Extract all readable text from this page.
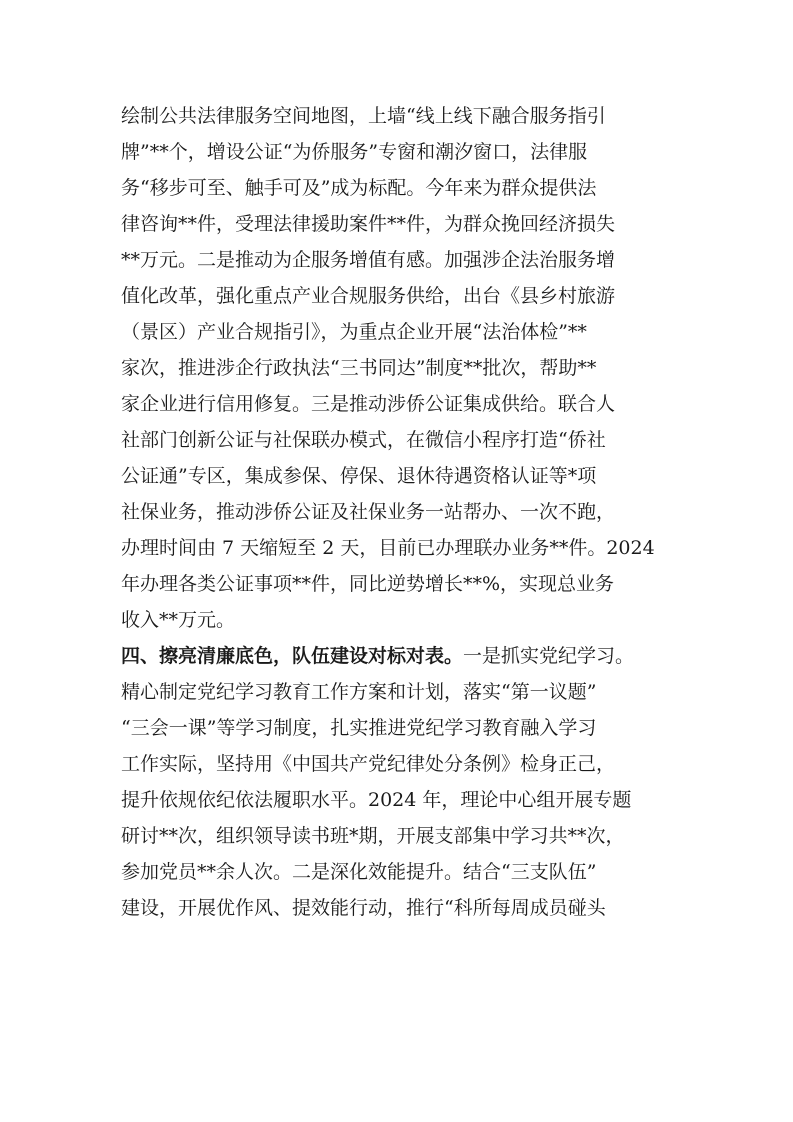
绘制公共法律服务空间地图，上墙“线上线下融合服务指引
牌”**个，增设公证“为侨服务”专窗和潮汐窗口，法律服
务“移步可至、触手可及”成为标配。今年来为群众提供法
律咨询**件，受理法律援助案件**件，为群众挽回经济损失
**万元。二是推动为企服务增值有感。加强涉企法治服务增
值化改革，强化重点产业合规服务供给，出台《县乡村旅游
（景区）产业合规指引》，为重点企业开展“法治体检”**
家次，推进涉企行政执法“三书同达”制度**批次，帮助**
家企业进行信用修复。三是推动涉侨公证集成供给。联合人
社部门创新公证与社保联办模式，在微信小程序打造“侨社
公证通”专区，集成参保、停保、退休待遇资格认证等*项
社保业务，推动涉侨公证及社保业务一站帮办、一次不跑，
办理时间由 7 天缩短至 2 天，目前已办理联办业务**件。2024
年办理各类公证事项**件，同比逆势增长**%，实现总业务
收入**万元。
四、擦亮清廉底色，队伍建设对标对表。一是抓实党纪学习。
精心制定党纪学习教育工作方案和计划，落实“第一议题”
“三会一课”等学习制度，扎实推进党纪学习教育融入学习
工作实际，坚持用《中国共产党纪律处分条例》检身正己，
提升依规依纪依法履职水平。2024 年，理论中心组开展专题
研讨**次，组织领导读书班*期，开展支部集中学习共**次，
参加党员**余人次。二是深化效能提升。结合“三支队伍”
建设，开展优作风、提效能行动，推行“科所每周成员碰头
